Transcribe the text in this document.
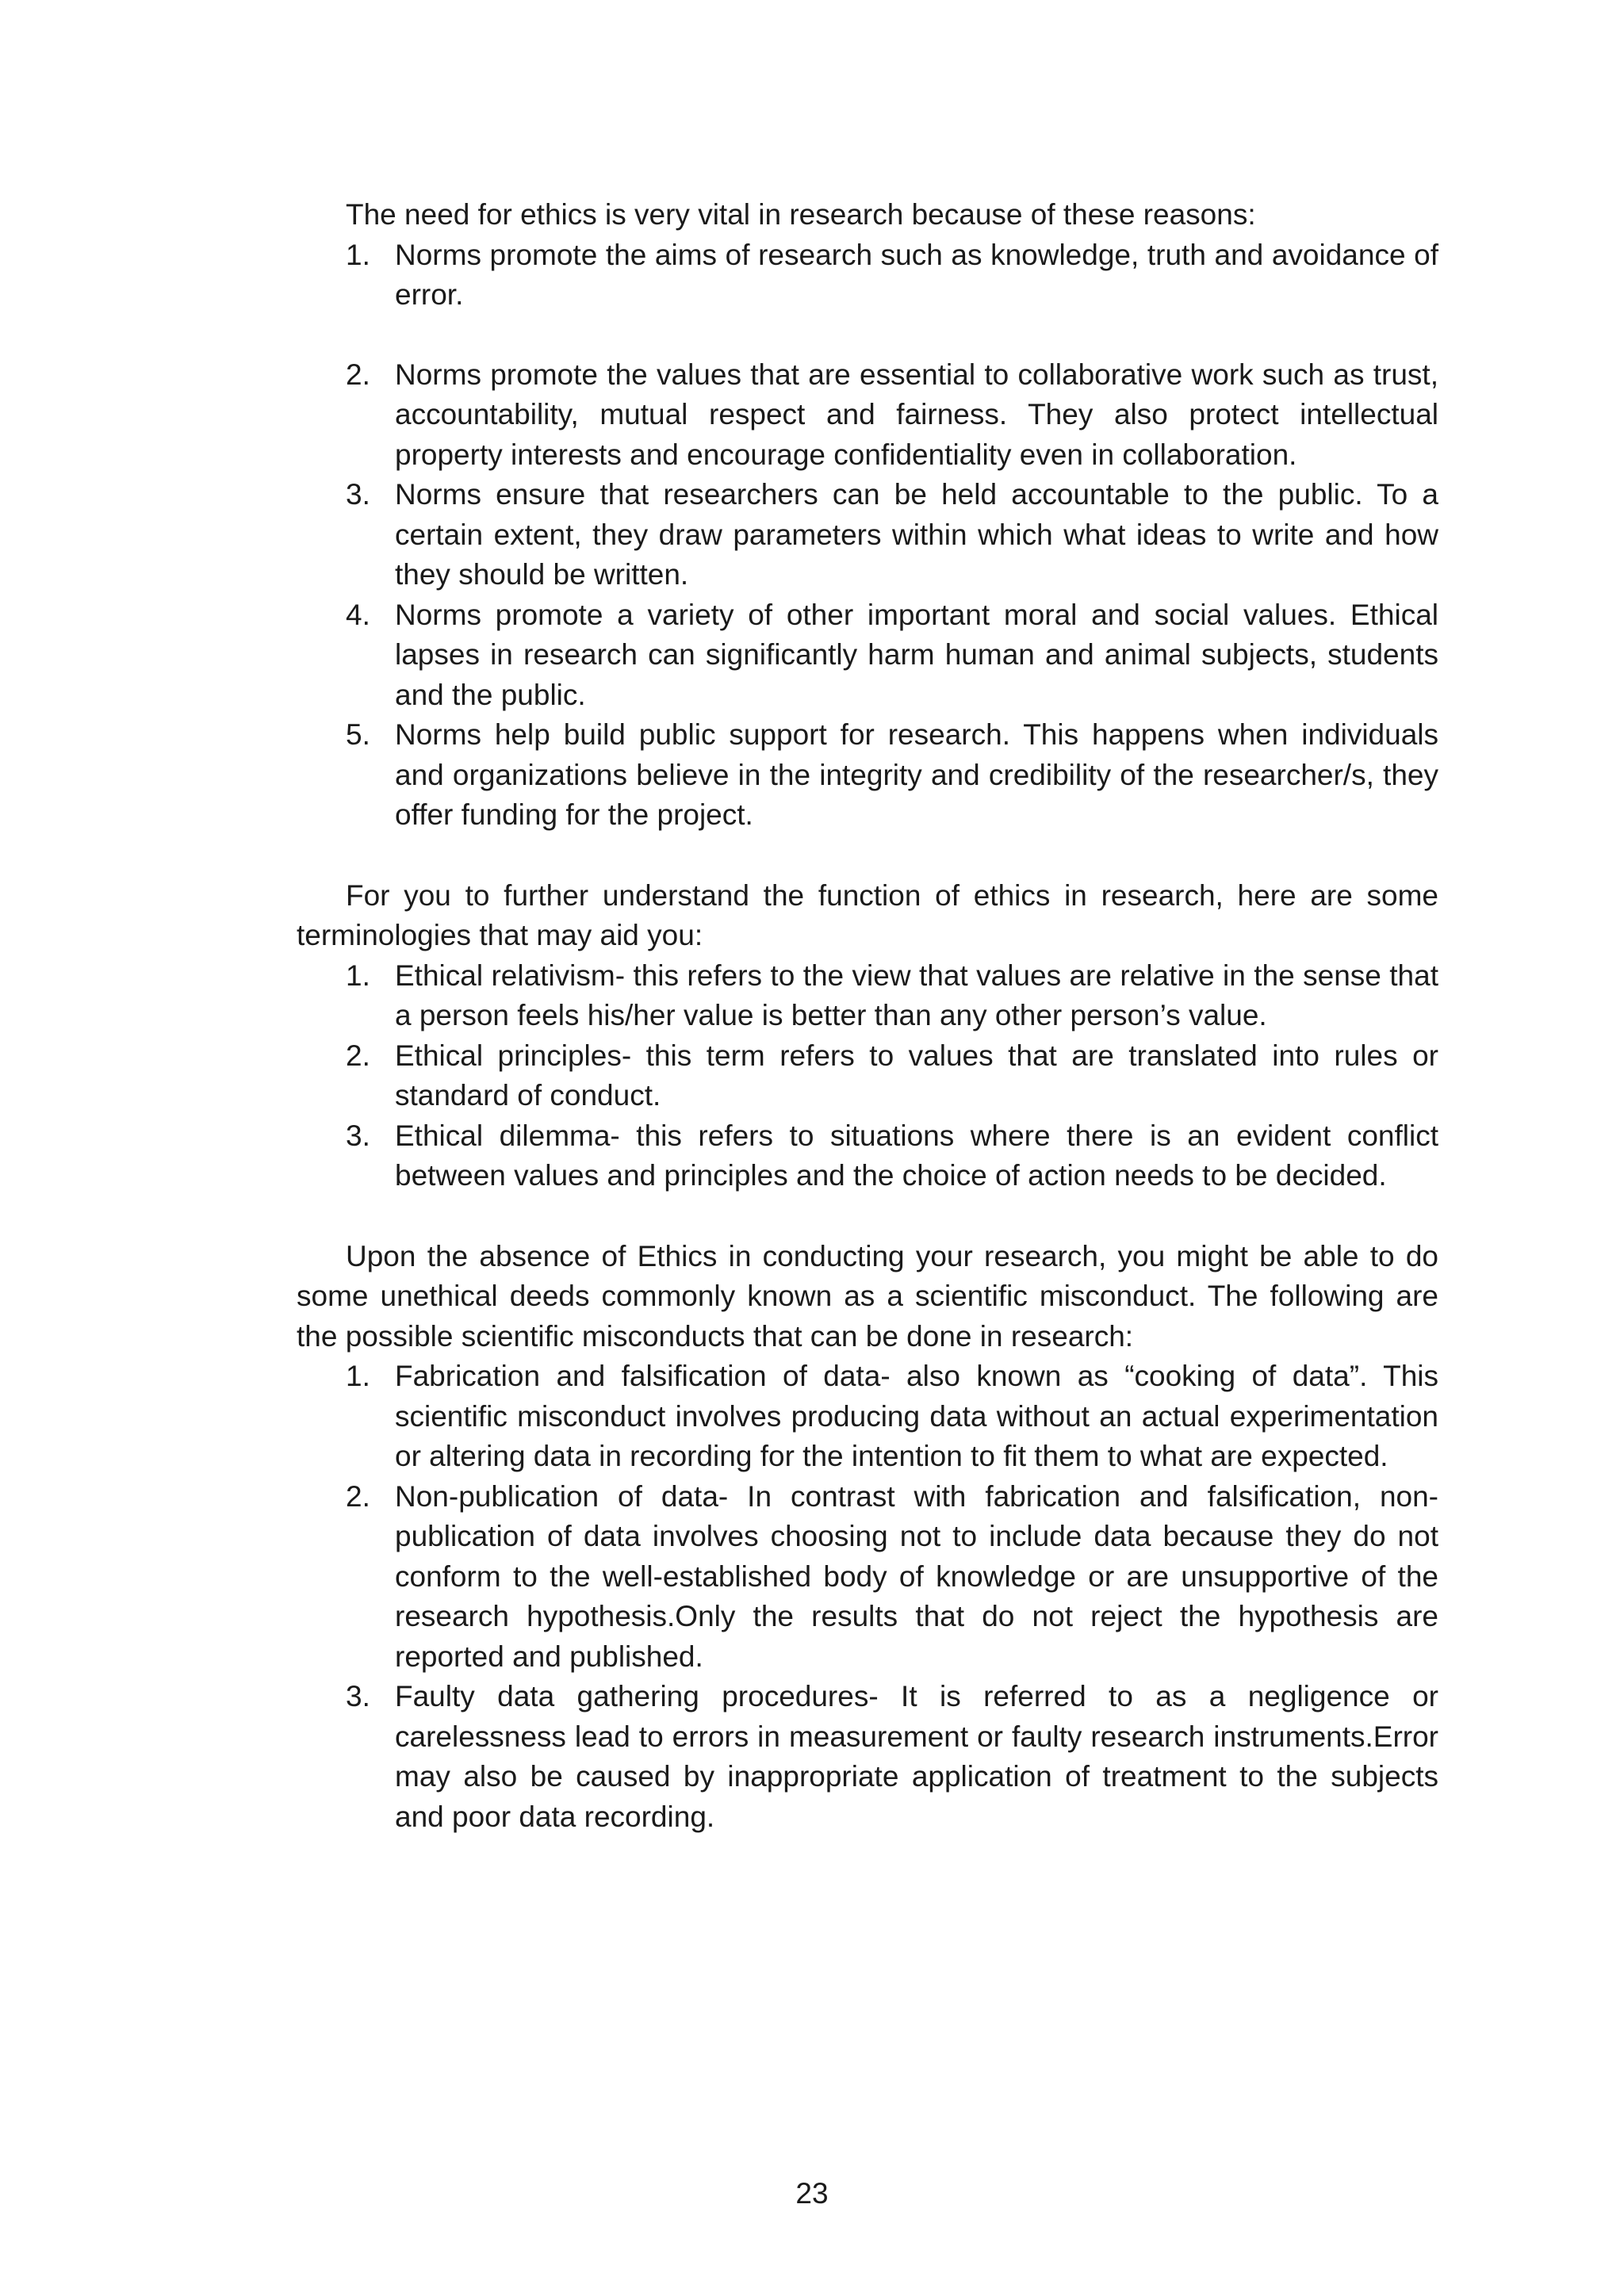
The need for ethics is very vital in research because of these reasons:

1. Norms promote the aims of research such as knowledge, truth and avoidance of error.
2. Norms promote the values that are essential to collaborative work such as trust, accountability, mutual respect and fairness. They also protect intellectual property interests and encourage confidentiality even in collaboration.
3. Norms ensure that researchers can be held accountable to the public. To a certain extent, they draw parameters within which what ideas to write and how they should be written.
4. Norms promote a variety of other important moral and social values. Ethical lapses in research can significantly harm human and animal subjects, students and the public.
5. Norms help build public support for research. This happens when individuals and organizations believe in the integrity and credibility of the researcher/s, they offer funding for the project.

For you to further understand the function of ethics in research, here are some terminologies that may aid you:

1. Ethical relativism- this refers to the view that values are relative in the sense that a person feels his/her value is better than any other person’s value.
2. Ethical principles- this term refers to values that are translated into rules or standard of conduct.
3. Ethical dilemma- this refers to situations where there is an evident conflict between values and principles and the choice of action needs to be decided.

Upon the absence of Ethics in conducting your research, you might be able to do some unethical deeds commonly known as a scientific misconduct. The following are the possible scientific misconducts that can be done in research:

1. Fabrication and falsification of data- also known as “cooking of data”. This scientific misconduct involves producing data without an actual experimentation or altering data in recording for the intention to fit them to what are expected.
2. Non-publication of data- In contrast with fabrication and falsification, non-publication of data involves choosing not to include data because they do not conform to the well-established body of knowledge or are unsupportive of the research hypothesis.Only the results that do not reject the hypothesis are reported and published.
3. Faulty data gathering procedures- It is referred to as a negligence or carelessness lead to errors in measurement or faulty research instruments.Error may also be caused by inappropriate application of treatment to the subjects and poor data recording.
23
